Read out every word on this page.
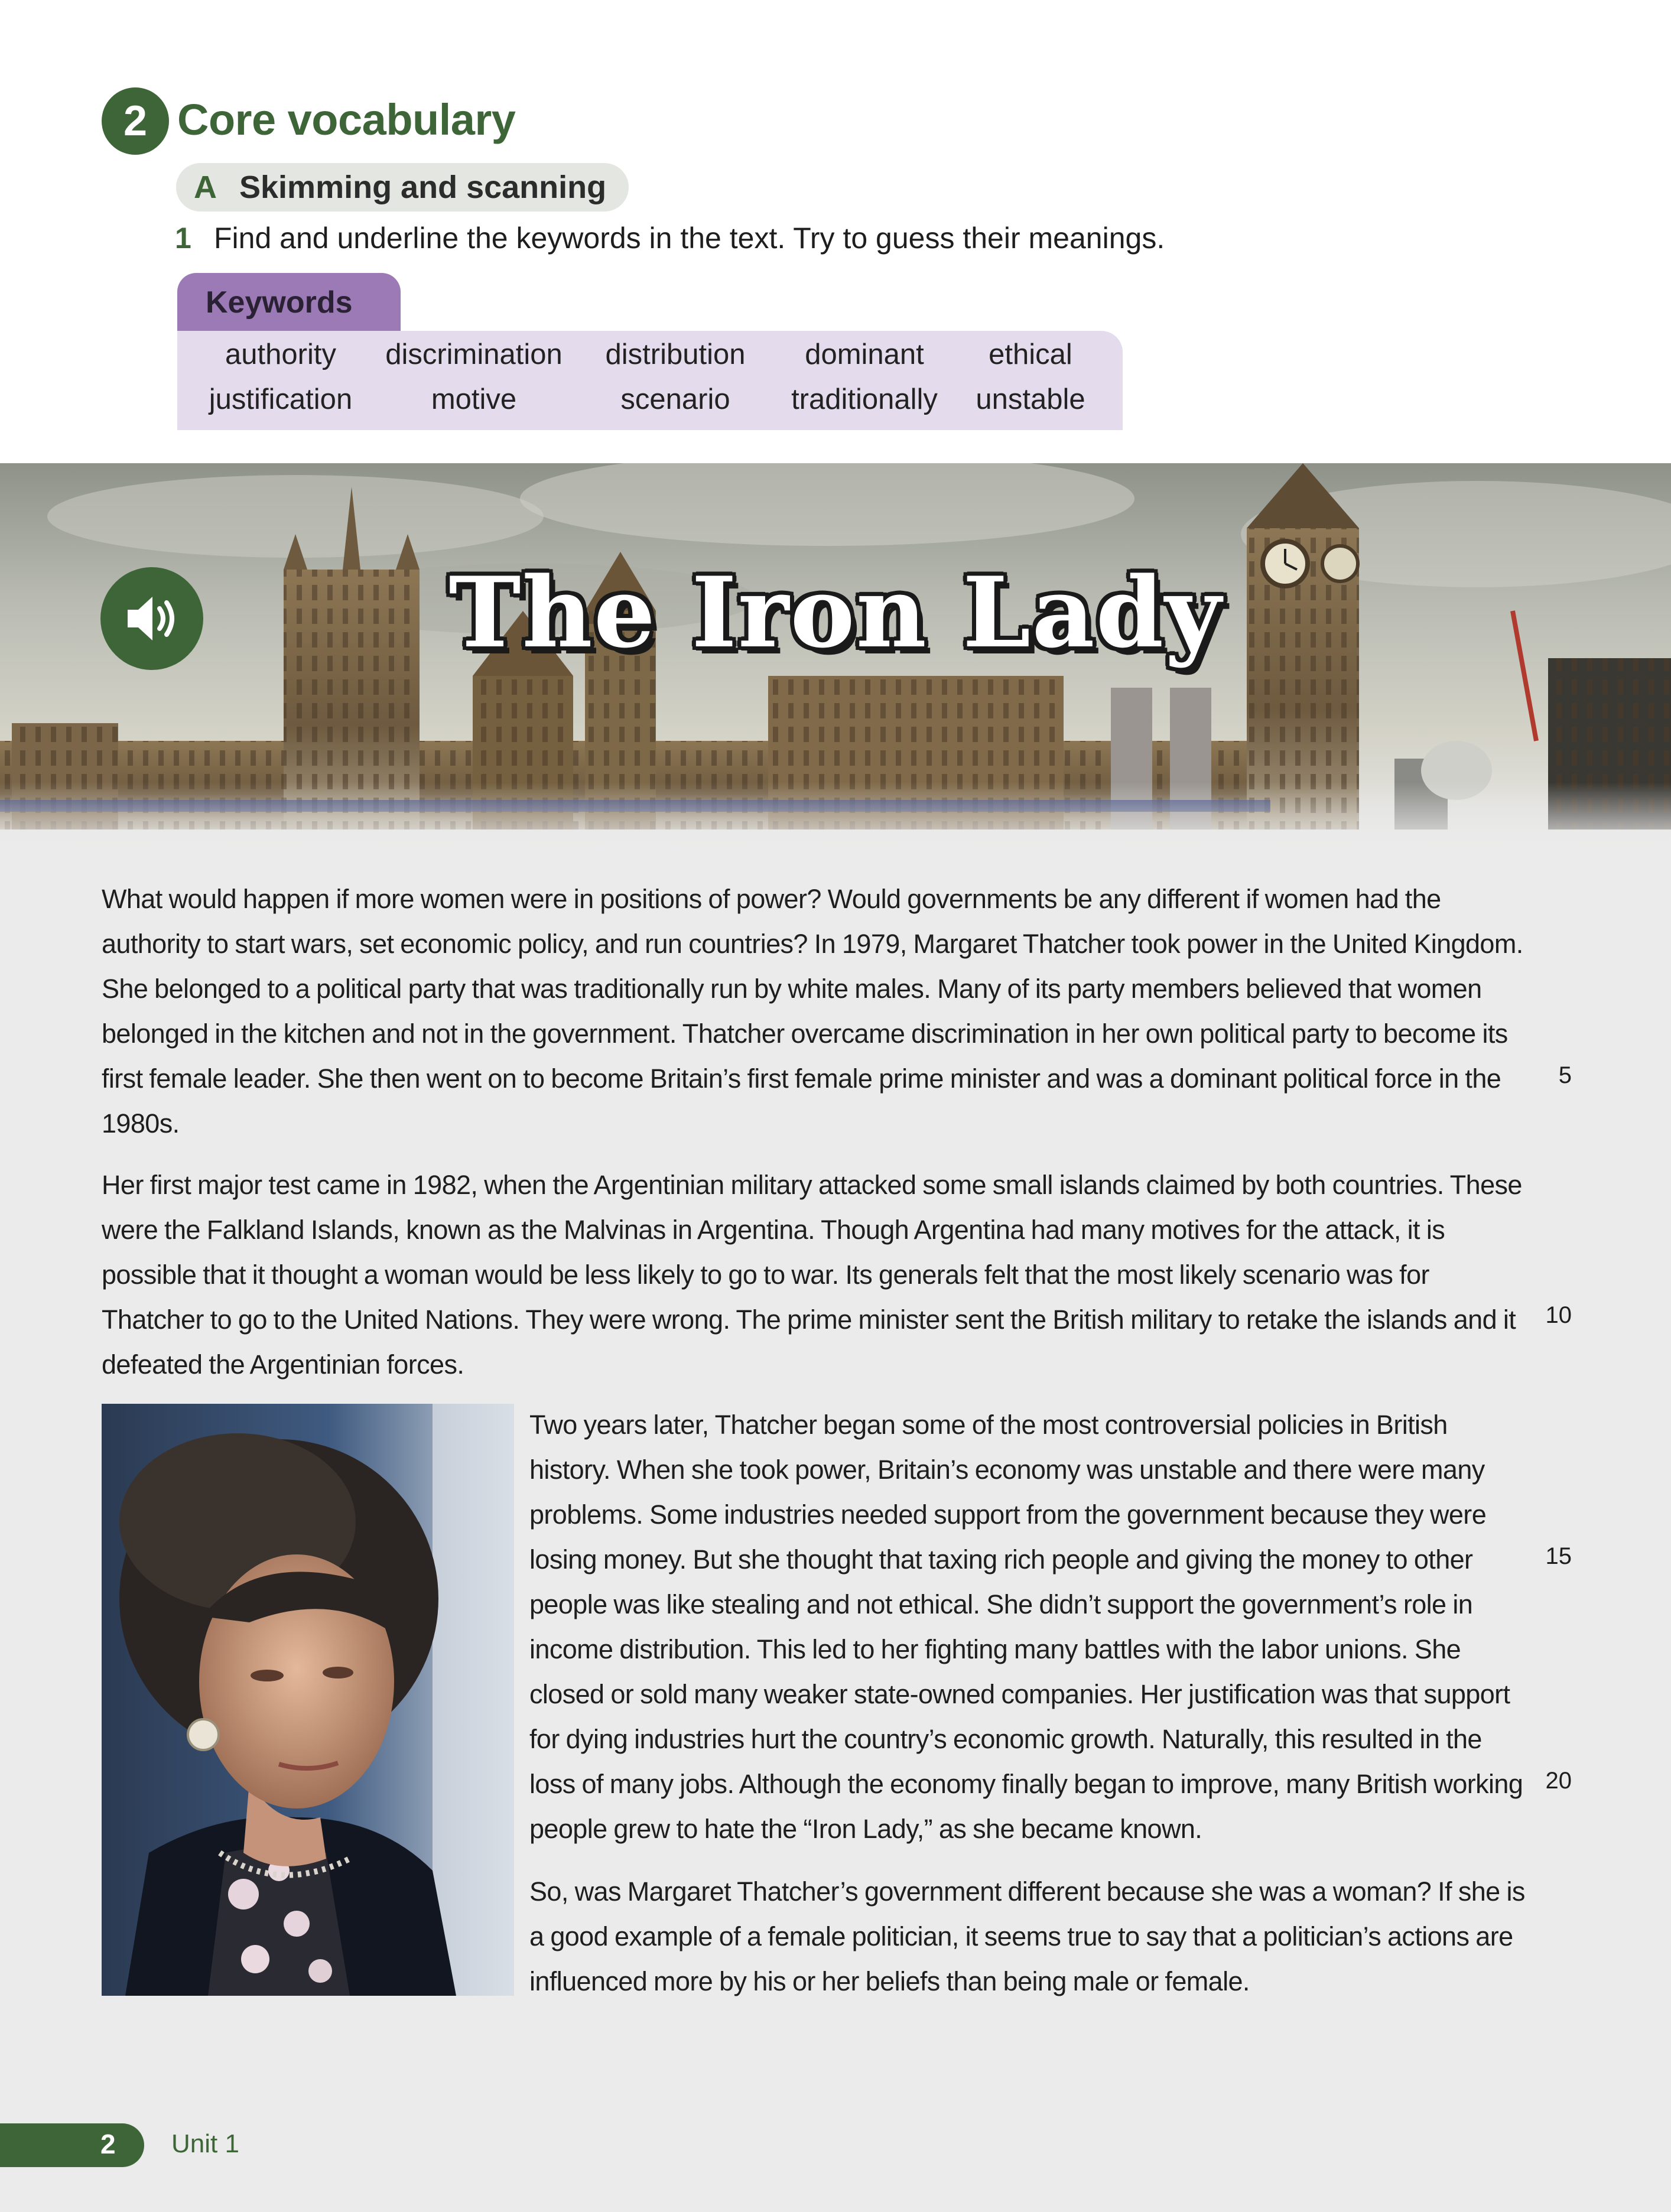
2 Core vocabulary
A Skimming and scanning
1 Find and underline the keywords in the text. Try to guess their meanings.
Keywords
authority	discrimination	distribution	dominant	ethical
justification	motive	scenario	traditionally	unstable
The Iron Lady
What would happen if more women were in positions of power? Would governments be any different if women had the authority to start wars, set economic policy, and run countries? In 1979, Margaret Thatcher took power in the United Kingdom. She belonged to a political party that was traditionally run by white males. Many of its party members believed that women belonged in the kitchen and not in the government. Thatcher overcame discrimination in her own political party to become its first female leader. She then went on to become Britain’s first female prime minister and was a dominant political force in the 1980s.
Her first major test came in 1982, when the Argentinian military attacked some small islands claimed by both countries. These were the Falkland Islands, known as the Malvinas in Argentina. Though Argentina had many motives for the attack, it is possible that it thought a woman would be less likely to go to war. Its generals felt that the most likely scenario was for Thatcher to go to the United Nations. They were wrong. The prime minister sent the British military to retake the islands and it defeated the Argentinian forces.
Two years later, Thatcher began some of the most controversial policies in British history. When she took power, Britain’s economy was unstable and there were many problems. Some industries needed support from the government because they were losing money. But she thought that taxing rich people and giving the money to other people was like stealing and not ethical. She didn’t support the government’s role in income distribution. This led to her fighting many battles with the labor unions. She closed or sold many weaker state-owned companies. Her justification was that support for dying industries hurt the country’s economic growth. Naturally, this resulted in the loss of many jobs. Although the economy finally began to improve, many British working people grew to hate the “Iron Lady,” as she became known.
So, was Margaret Thatcher’s government different because she was a woman? If she is a good example of a female politician, it seems true to say that a politician’s actions are influenced more by his or her beliefs than being male or female.
5
10
15
20
2 Unit 1
